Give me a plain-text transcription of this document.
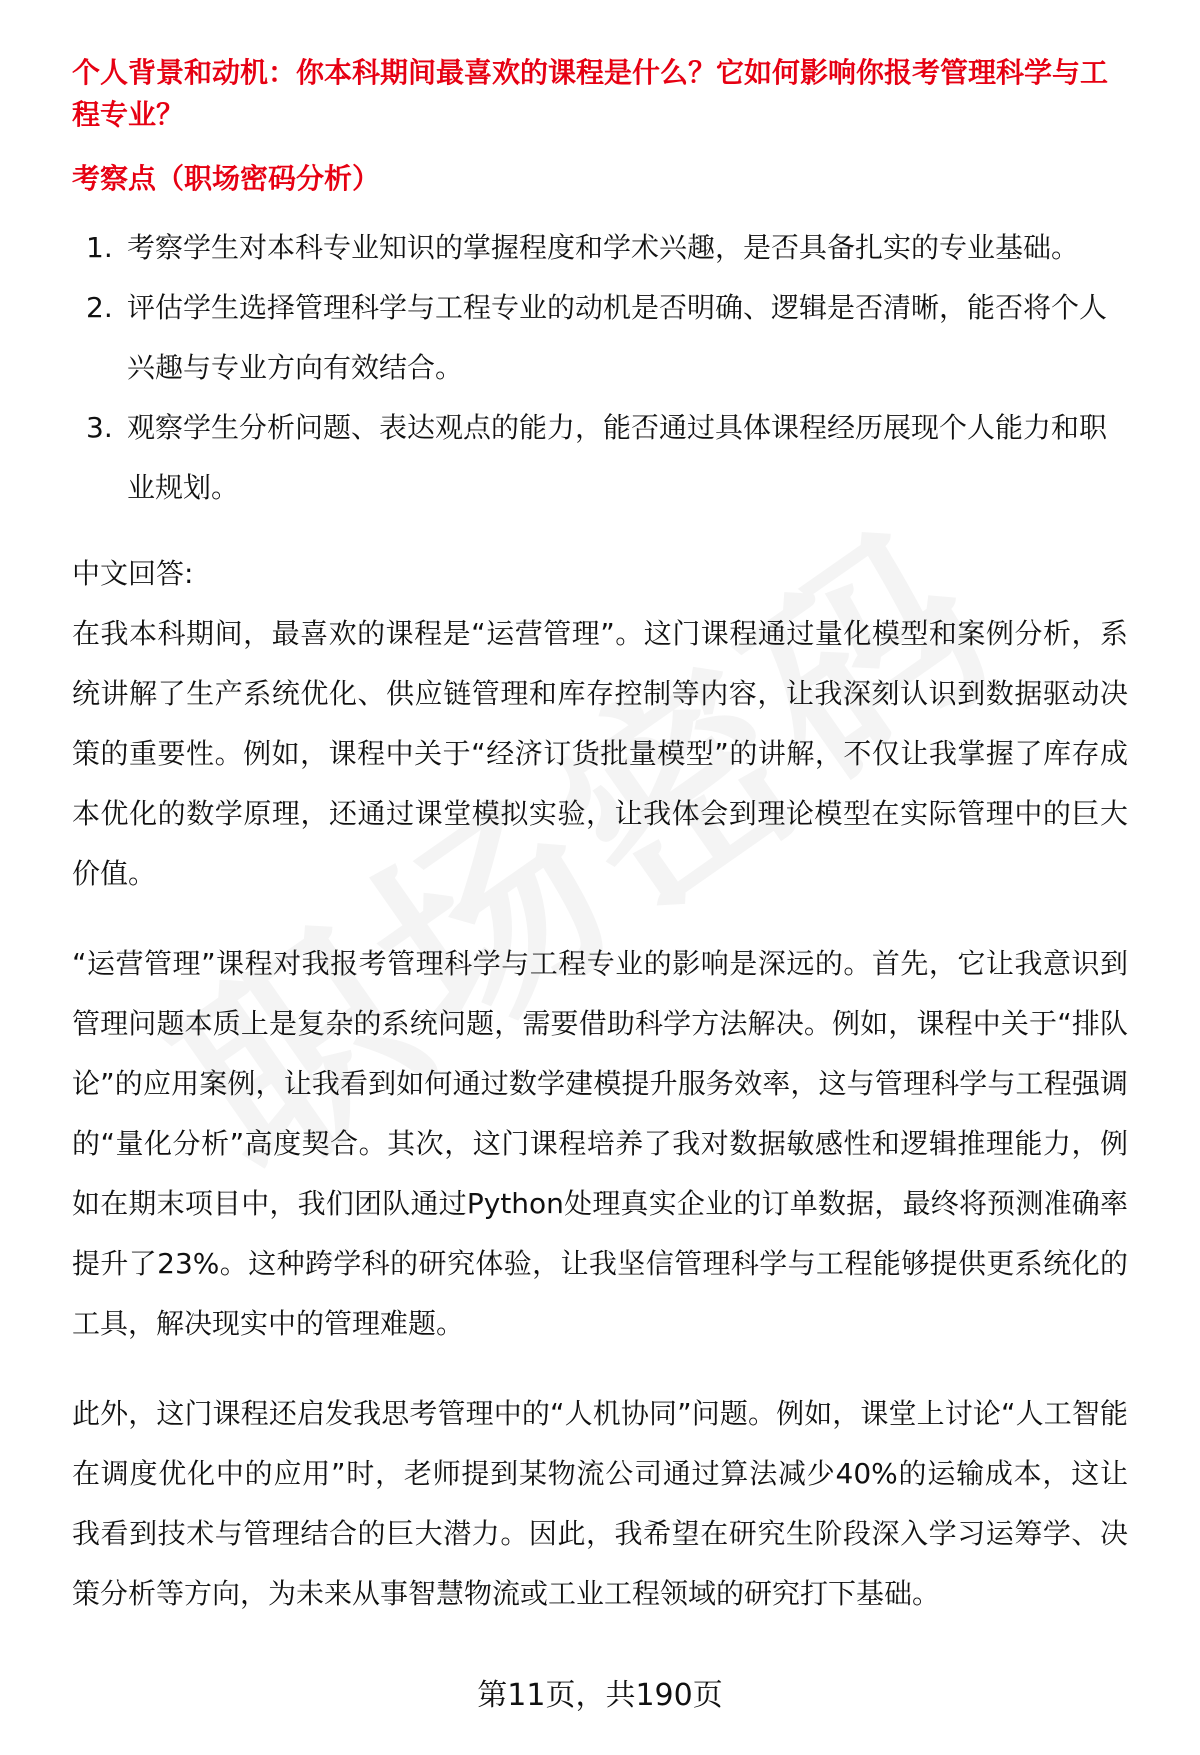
个人背景和动机：你本科期间最喜欢的课程是什么？它如何影响你报考管理科学与工程专业？
考察点（职场密码分析）
1. 考察学生对本科专业知识的掌握程度和学术兴趣，是否具备扎实的专业基础。
2. 评估学生选择管理科学与工程专业的动机是否明确、逻辑是否清晰，能否将个人兴趣与专业方向有效结合。
3. 观察学生分析问题、表达观点的能力，能否通过具体课程经历展现个人能力和职业规划。
中文回答:

在我本科期间，最喜欢的课程是“运营管理”。这门课程通过量化模型和案例分析，系统讲解了生产系统优化、供应链管理和库存控制等内容，让我深刻认识到数据驱动决策的重要性。例如，课程中关于“经济订货批量模型”的讲解，不仅让我掌握了库存成本优化的数学原理，还通过课堂模拟实验，让我体会到理论模型在实际管理中的巨大价值。

“运营管理”课程对我报考管理科学与工程专业的影响是深远的。首先，它让我意识到管理问题本质上是复杂的系统问题，需要借助科学方法解决。例如，课程中关于“排队论”的应用案例，让我看到如何通过数学建模提升服务效率，这与管理科学与工程强调的“量化分析”高度契合。其次，这门课程培养了我对数据敏感性和逻辑推理能力，例如在期末项目中，我们团队通过Python处理真实企业的订单数据，最终将预测准确率提升了23%。这种跨学科的研究体验，让我坚信管理科学与工程能够提供更系统化的工具，解决现实中的管理难题。

此外，这门课程还启发我思考管理中的“人机协同”问题。例如，课堂上讨论“人工智能在调度优化中的应用”时，老师提到某物流公司通过算法减少40%的运输成本，这让我看到技术与管理结合的巨大潜力。因此，我希望在研究生阶段深入学习运筹学、决策分析等方向，为未来从事智慧物流或工业工程领域的研究打下基础。

第11页，共190页
